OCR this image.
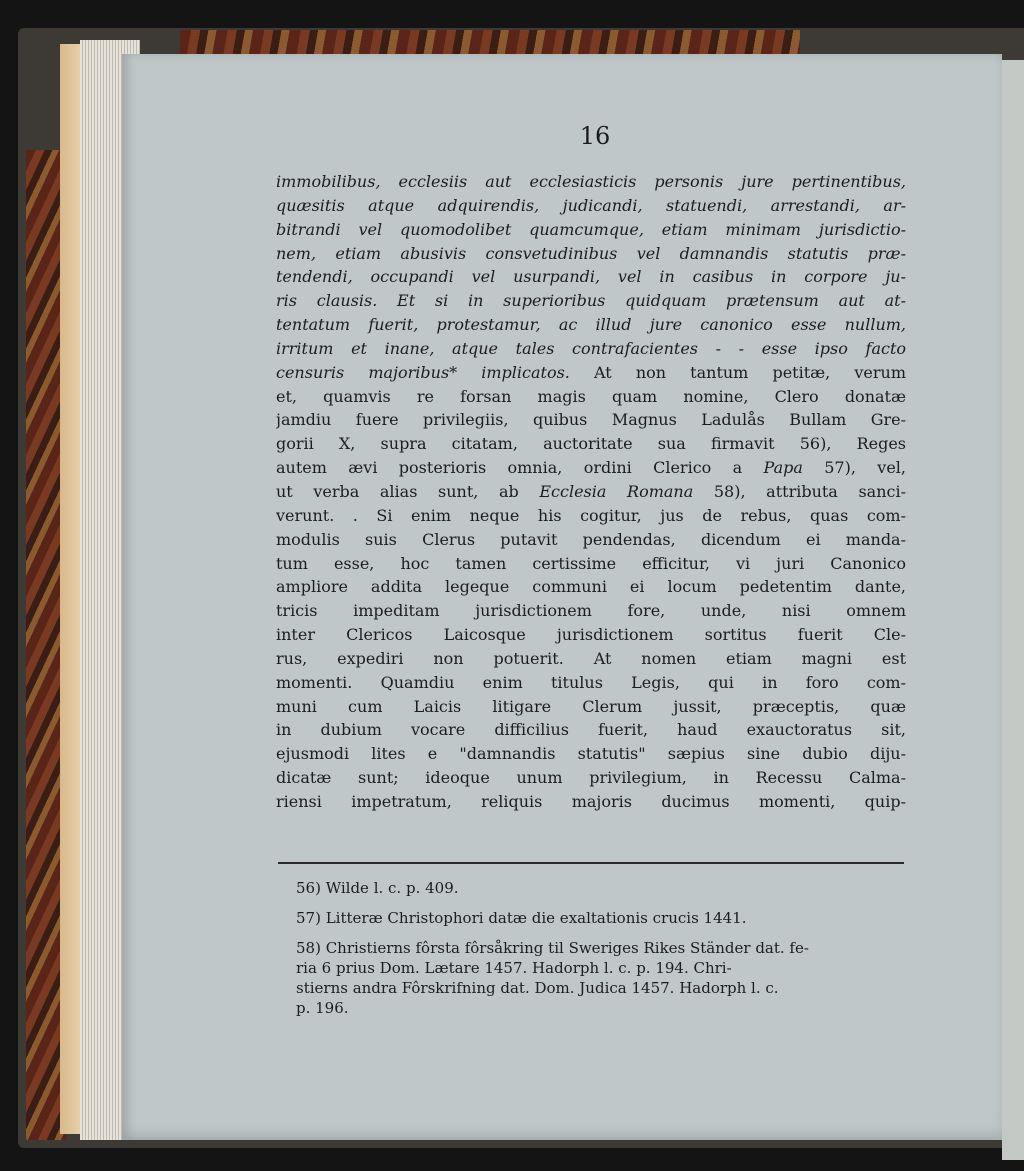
16
immobilibus, ecclesiis aut ecclesiasticis personis jure pertinentibus,
quæsitis atque adquirendis, judicandi, statuendi, arrestandi, ar-
bitrandi vel quomodolibet quamcumque, etiam minimam jurisdictio-
nem, etiam abusivis consvetudinibus vel damnandis statutis præ-
tendendi, occupandi vel usurpandi, vel in casibus in corpore ju-
ris clausis. Et si in superioribus quidquam prætensum aut at-
tentatum fuerit, protestamur, ac illud jure canonico esse nullum,
irritum et inane, atque tales contrafacientes - - esse ipso facto
censuris majoribus* implicatos. At non tantum petitæ, verum
et, quamvis re forsan magis quam nomine, Clero donatæ
jamdiu fuere privilegiis, quibus Magnus Ladulås Bullam Gre-
gorii X, supra citatam, auctoritate sua firmavit 56), Reges
autem ævi posterioris omnia, ordini Clerico a Papa 57), vel,
ut verba alias sunt, ab Ecclesia Romana 58), attributa sanci-
verunt. . Si enim neque his cogitur, jus de rebus, quas com-
modulis suis Clerus putavit pendendas, dicendum ei manda-
tum esse, hoc tamen certissime efficitur, vi juri Canonico
ampliore addita legeque communi ei locum pedetentim dante,
tricis impeditam jurisdictionem fore, unde, nisi omnem
inter Clericos Laicosque jurisdictionem sortitus fuerit Cle-
rus, expediri non potuerit. At nomen etiam magni est
momenti. Quamdiu enim titulus Legis, qui in foro com-
muni cum Laicis litigare Clerum jussit, præceptis, quæ
in dubium vocare difficilius fuerit, haud exauctoratus sit,
ejusmodi lites e "damnandis statutis" sæpius sine dubio diju-
dicatæ sunt; ideoque unum privilegium, in Recessu Calma-
riensi impetratum, reliquis majoris ducimus momenti, quip-
56) Wilde l. c. p. 409.
57) Litteræ Christophori datæ die exaltationis crucis 1441.
58) Christierns fôrsta fôrsåkring til Sweriges Rikes Ständer dat. fe-
ria 6 prius Dom. Lætare 1457. Hadorph l. c. p. 194. Chri-
stierns andra Fôrskrifning dat. Dom. Judica 1457. Hadorph l. c.
p. 196.
